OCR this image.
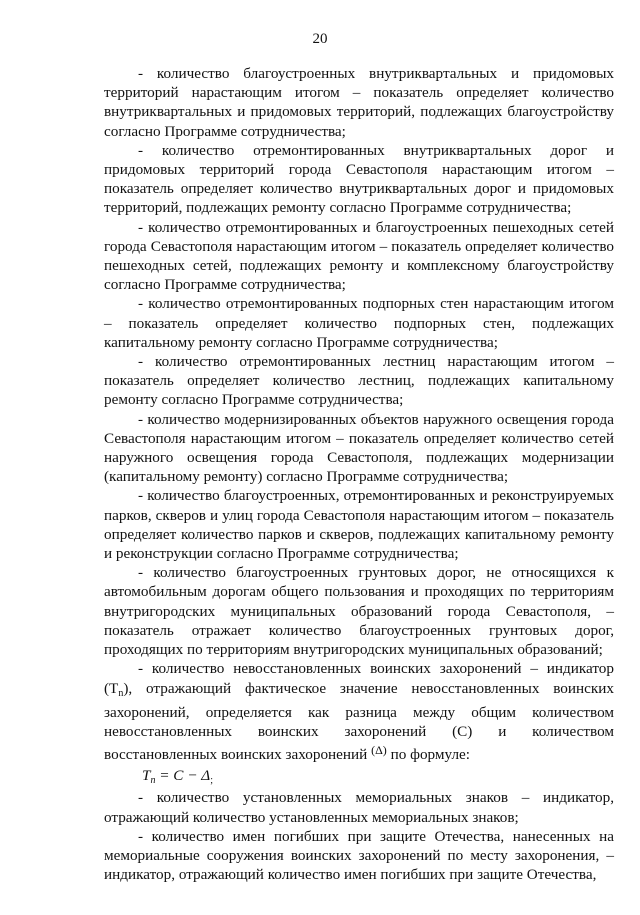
20

- количество благоустроенных внутриквартальных и придомовых территорий нарастающим итогом – показатель определяет количество внутриквартальных и придомовых территорий, подлежащих благоустройству согласно Программе сотрудничества;

- количество отремонтированных внутриквартальных дорог и придомовых территорий города Севастополя нарастающим итогом – показатель определяет количество внутриквартальных дорог и придомовых территорий, подлежащих ремонту согласно Программе сотрудничества;

- количество отремонтированных и благоустроенных пешеходных сетей города Севастополя нарастающим итогом – показатель определяет количество пешеходных сетей, подлежащих ремонту и комплексному благоустройству согласно Программе сотрудничества;

- количество отремонтированных подпорных стен нарастающим итогом – показатель определяет количество подпорных стен, подлежащих капитальному ремонту согласно Программе сотрудничества;

- количество отремонтированных лестниц нарастающим итогом – показатель определяет количество лестниц, подлежащих капитальному ремонту согласно Программе сотрудничества;

- количество модернизированных объектов наружного освещения города Севастополя нарастающим итогом – показатель определяет количество сетей наружного освещения города Севастополя, подлежащих модернизации (капитальному ремонту) согласно Программе сотрудничества;

- количество благоустроенных, отремонтированных и реконструируемых парков, скверов и улиц города Севастополя нарастающим итогом – показатель определяет количество парков и скверов, подлежащих капитальному ремонту и реконструкции согласно Программе сотрудничества;

- количество благоустроенных грунтовых дорог, не относящихся к автомобильным дорогам общего пользования и проходящих по территориям внутригородских муниципальных образований города Севастополя, – показатель отражает количество благоустроенных грунтовых дорог, проходящих по территориям внутригородских муниципальных образований;

- количество невосстановленных воинских захоронений – индикатор $(T_n)$, отражающий фактическое значение невосстановленных воинских захоронений, определяется как разница между общим количеством невосстановленных воинских захоронений (С) и количеством восстановленных воинских захоронений $^{(\Delta)}$ по формуле:

$T_n = C - \Delta_;$

- количество установленных мемориальных знаков – индикатор, отражающий количество установленных мемориальных знаков;

- количество имен погибших при защите Отечества, нанесенных на мемориальные сооружения воинских захоронений по месту захоронения, – индикатор, отражающий количество имен погибших при защите Отечества,
